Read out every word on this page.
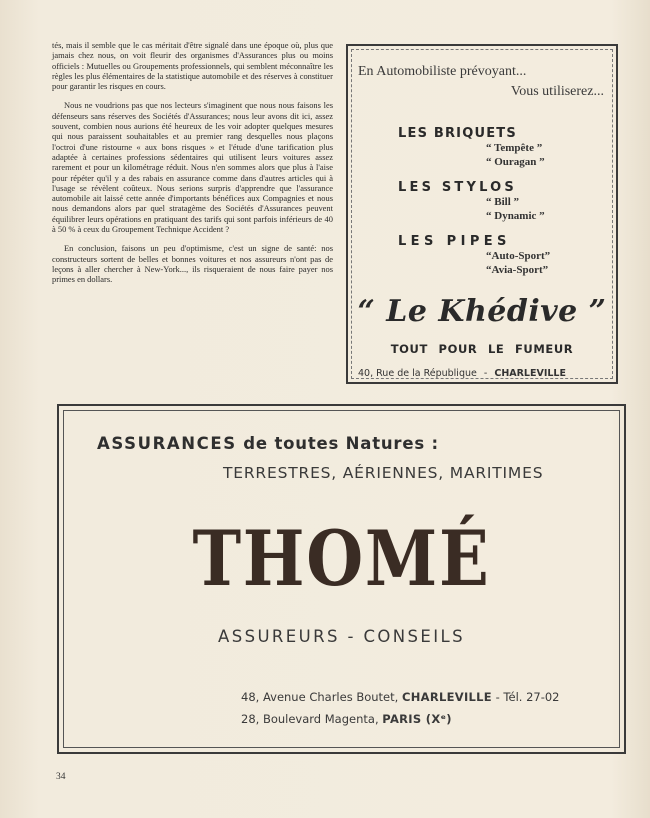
tés, mais il semble que le cas méritait d'être signalé dans une époque où, plus que jamais chez nous, on voit fleurir des organismes d'Assurances plus ou moins officiels : Mutuelles ou Groupements professionnels, qui semblent méconnaître les règles les plus élémentaires de la statistique automobile et des réserves à constituer pour garantir les risques en cours.

Nous ne voudrions pas que nos lecteurs s'imaginent que nous nous faisons les défenseurs sans réserves des Sociétés d'Assurances; nous leur avons dit ici, assez souvent, combien nous aurions été heureux de les voir adopter quelques mesures qui nous paraissent souhaitables et au premier rang desquelles nous plaçons l'octroi d'une ristourne « aux bons risques » et l'étude d'une tarification plus adaptée à certaines professions sédentaires qui utilisent leurs voitures assez rarement et pour un kilométrage réduit. Nous n'en sommes alors que plus à l'aise pour répéter qu'il y a des rabais en assurance comme dans d'autres articles qui à l'usage se révèlent coûteux. Nous serions surpris d'apprendre que l'assurance automobile ait laissé cette année d'importants bénéfices aux Compagnies et nous nous demandons alors par quel stratagème des Sociétés d'Assurances peuvent équilibrer leurs opérations en pratiquant des tarifs qui sont parfois inférieurs de 40 à 50 % à ceux du Groupement Technique Accident ?

En conclusion, faisons un peu d'optimisme, c'est un signe de santé: nos constructeurs sortent de belles et bonnes voitures et nos assureurs n'ont pas de leçons à aller chercher à New-York..., ils risqueraient de nous faire payer nos primes en dollars.

En Automobiliste prévoyant...
Vous utiliserez...
LES BRIQUETS
“ Tempête ”
“ Ouragan ”
LES STYLOS
“ Bill ”
“ Dynamic ”
LES PIPES
“Auto-Sport”
“Avia-Sport”
“ Le Khédive ”
TOUT POUR LE FUMEUR
40, Rue de la République - CHARLEVILLE
ASSURANCES de toutes Natures :
TERRESTRES, AÉRIENNES, MARITIMES
THOMÉ
ASSUREURS - CONSEILS
48, Avenue Charles Boutet, CHARLEVILLE - Tél. 27-02
28, Boulevard Magenta, PARIS (Xᵉ)
34
